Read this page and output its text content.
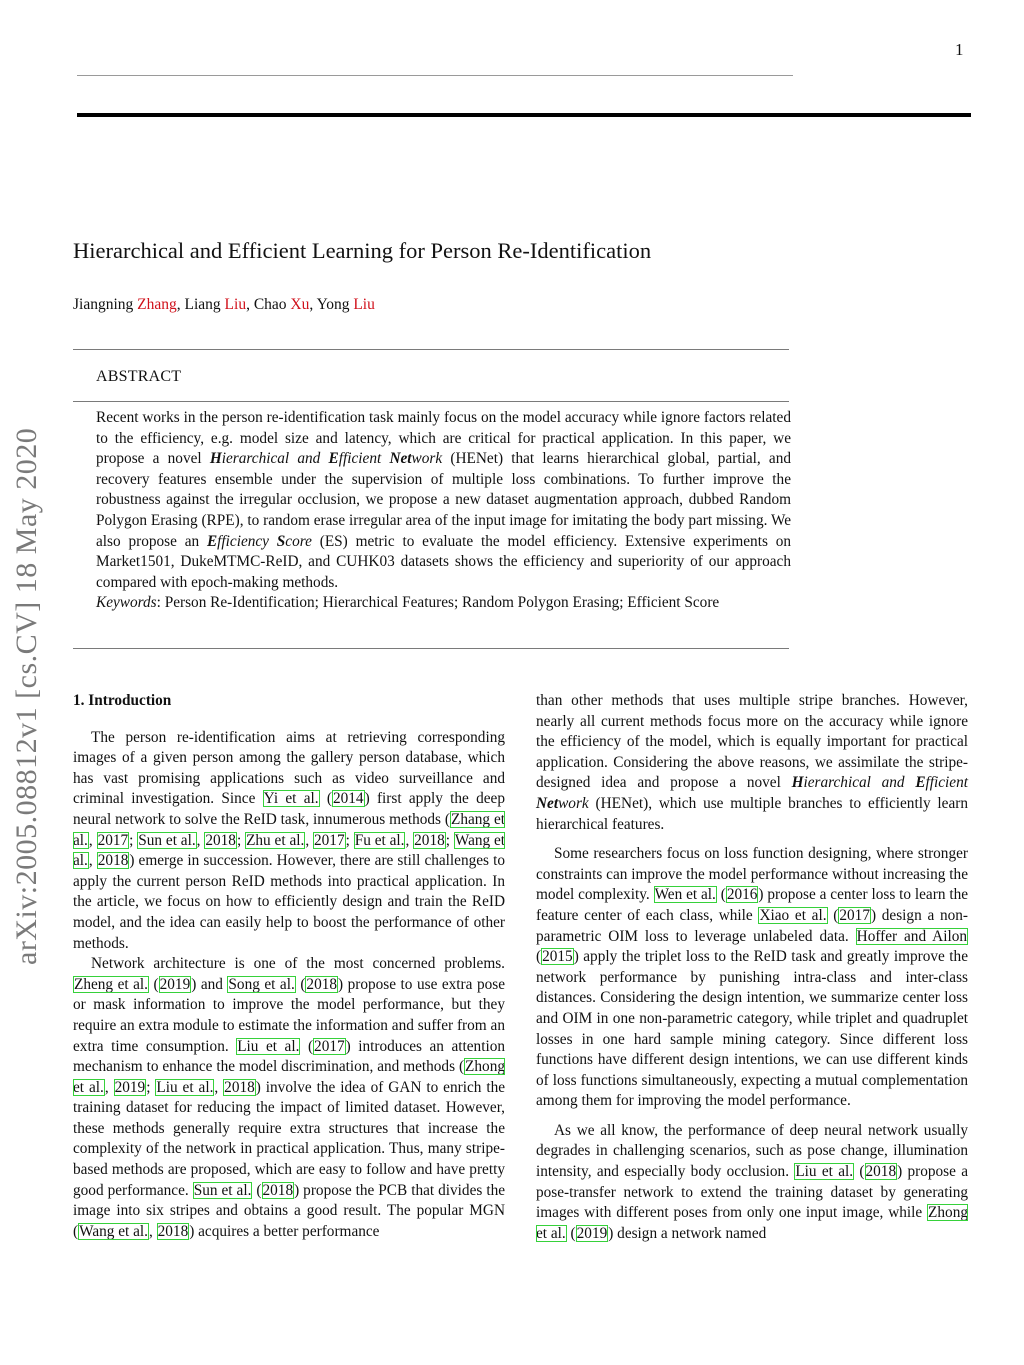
1
arXiv:2005.08812v1 [cs.CV] 18 May 2020
Hierarchical and Efficient Learning for Person Re-Identification
Jiangning Zhang, Liang Liu, Chao Xu, Yong Liu
ABSTRACT

Recent works in the person re-identification task mainly focus on the model accuracy while ignore factors related to the efficiency, e.g. model size and latency, which are critical for practical application. In this paper, we propose a novel Hierarchical and Efficient Network (HENet) that learns hierarchical global, partial, and recovery features ensemble under the supervision of multiple loss combinations. To further improve the robustness against the irregular occlusion, we propose a new dataset augmentation approach, dubbed Random Polygon Erasing (RPE), to random erase irregular area of the input image for imitating the body part missing. We also propose an Efficiency Score (ES) metric to evaluate the model efficiency. Extensive experiments on Market1501, DukeMTMC-ReID, and CUHK03 datasets shows the efficiency and superiority of our approach compared with epoch-making methods.

Keywords: Person Re-Identification; Hierarchical Features; Random Polygon Erasing; Efficient Score

1. Introduction

The person re-identification aims at retrieving corresponding images of a given person among the gallery person database, which has vast promising applications such as video surveillance and criminal investigation. Since Yi et al. (2014) first apply the deep neural network to solve the ReID task, innumerous methods (Zhang et al., 2017; Sun et al., 2018; Zhu et al., 2017; Fu et al., 2018; Wang et al., 2018) emerge in succession. However, there are still challenges to apply the current person ReID methods into practical application. In the article, we focus on how to efficiently design and train the ReID model, and the idea can easily help to boost the performance of other methods.

Network architecture is one of the most concerned problems. Zheng et al. (2019) and Song et al. (2018) propose to use extra pose or mask information to improve the model performance, but they require an extra module to estimate the information and suffer from an extra time consumption. Liu et al. (2017) introduces an attention mechanism to enhance the model discrimination, and methods (Zhong et al., 2019; Liu et al., 2018) involve the idea of GAN to enrich the training dataset for reducing the impact of limited dataset. However, these methods generally require extra structures that increase the complexity of the network in practical application. Thus, many stripe-based methods are proposed, which are easy to follow and have pretty good performance. Sun et al. (2018) propose the PCB that divides the image into six stripes and obtains a good result. The popular MGN (Wang et al., 2018) acquires a better performance

than other methods that uses multiple stripe branches. However, nearly all current methods focus more on the accuracy while ignore the efficiency of the model, which is equally important for practical application. Considering the above reasons, we assimilate the stripe-designed idea and propose a novel Hierarchical and Efficient Network (HENet), which use multiple branches to efficiently learn hierarchical features.

Some researchers focus on loss function designing, where stronger constraints can improve the model performance without increasing the model complexity. Wen et al. (2016) propose a center loss to learn the feature center of each class, while Xiao et al. (2017) design a non-parametric OIM loss to leverage unlabeled data. Hoffer and Ailon (2015) apply the triplet loss to the ReID task and greatly improve the network performance by punishing intra-class and inter-class distances. Considering the design intention, we summarize center loss and OIM in one non-parametric category, while triplet and quadruplet losses in one hard sample mining category. Since different loss functions have different design intentions, we can use different kinds of loss functions simultaneously, expecting a mutual complementation among them for improving the model performance.

As we all know, the performance of deep neural network usually degrades in challenging scenarios, such as pose change, illumination intensity, and especially body occlusion. Liu et al. (2018) propose a pose-transfer network to extend the training dataset by generating images with different poses from only one input image, while Zhong et al. (2019) design a network named
